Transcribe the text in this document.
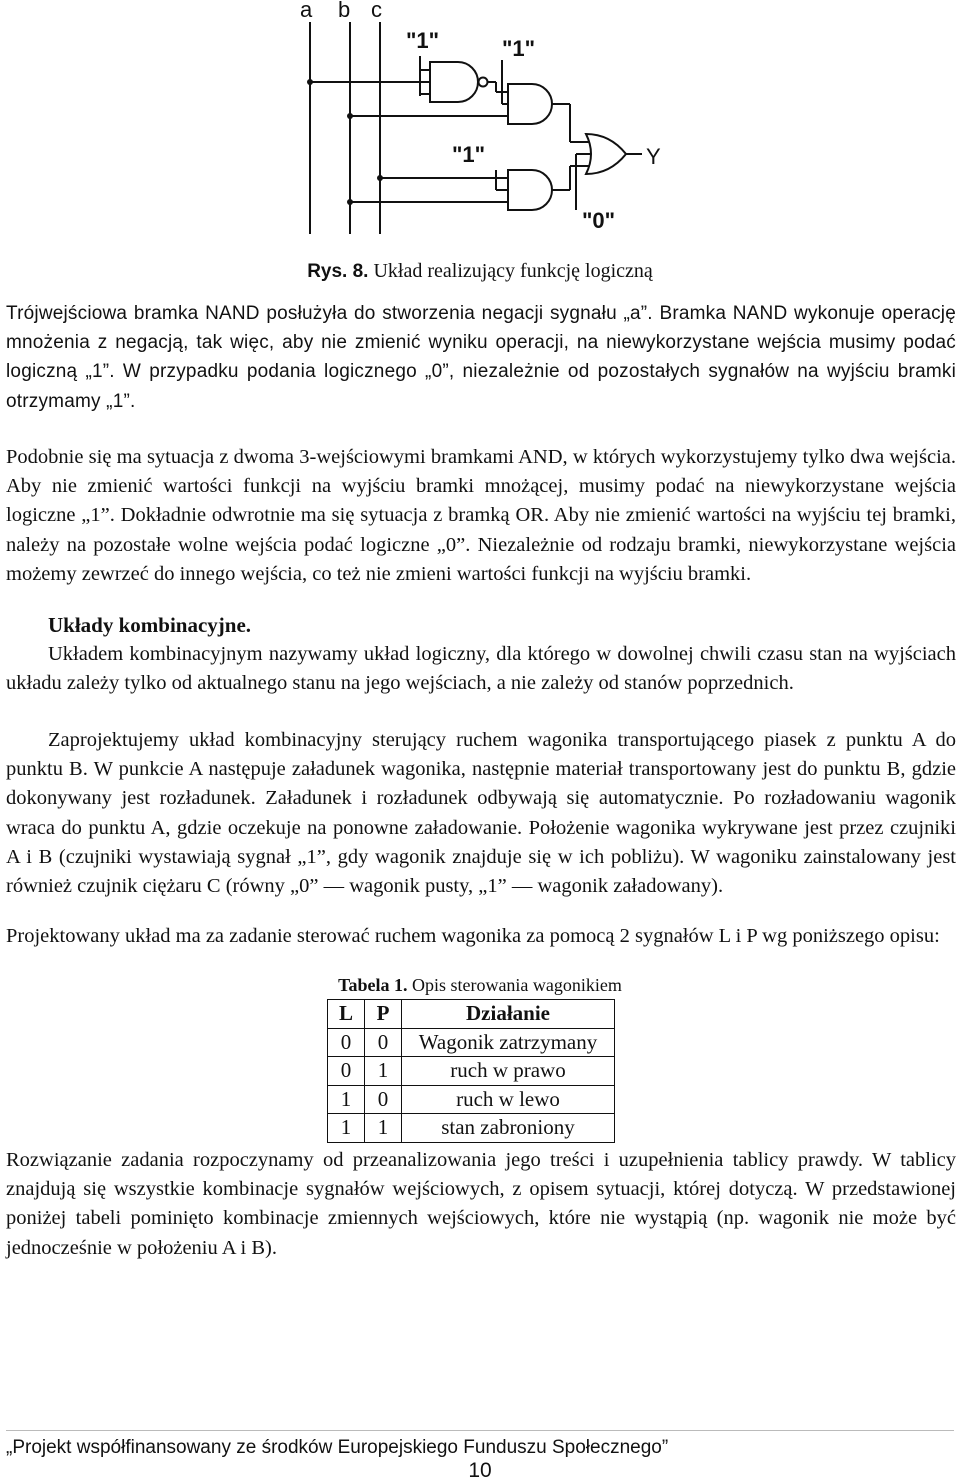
a b c
"1"	"1"
"1"
"0"
Y
Rys. 8. Układ realizujący funkcję logiczną

Trójwejściowa bramka NAND posłużyła do stworzenia negacji sygnału „a”. Bramka NAND wykonuje operację mnożenia z negacją, tak więc, aby nie zmienić wyniku operacji, na niewykorzystane wejścia musimy podać logiczną „1”. W przypadku podania logicznego „0”, niezależnie od pozostałych sygnałów na wyjściu bramki otrzymamy „1”.

Podobnie się ma sytuacja z dwoma 3-wejściowymi bramkami AND, w których wykorzystujemy tylko dwa wejścia. Aby nie zmienić wartości funkcji na wyjściu bramki mnożącej, musimy podać na niewykorzystane wejścia logiczne „1”. Dokładnie odwrotnie ma się sytuacja z bramką OR. Aby nie zmienić wartości na wyjściu tej bramki, należy na pozostałe wolne wejścia podać logiczne „0”. Niezależnie od rodzaju bramki, niewykorzystane wejścia możemy zewrzeć do innego wejścia, co też nie zmieni wartości funkcji na wyjściu bramki.

Układy kombinacyjne.

Układem kombinacyjnym nazywamy układ logiczny, dla którego w dowolnej chwili czasu stan na wyjściach układu zależy tylko od aktualnego stanu na jego wejściach, a nie zależy od stanów poprzednich.

Zaprojektujemy układ kombinacyjny sterujący ruchem wagonika transportującego piasek z punktu A do punktu B. W punkcie A następuje załadunek wagonika, następnie materiał transportowany jest do punktu B, gdzie dokonywany jest rozładunek. Załadunek i rozładunek odbywają się automatycznie. Po rozładowaniu wagonik wraca do punktu A, gdzie oczekuje na ponowne załadowanie. Położenie wagonika wykrywane jest przez czujniki A i B (czujniki wystawiają sygnał „1”, gdy wagonik znajduje się w ich pobliżu). W wagoniku zainstalowany jest również czujnik ciężaru C (równy „0” — wagonik pusty, „1” — wagonik załadowany).

Projektowany układ ma za zadanie sterować ruchem wagonika za pomocą 2 sygnałów L i P wg poniższego opisu:

Tabela 1. Opis sterowania wagonikiem
L	P	Działanie
0	0	Wagonik zatrzymany
0	1	ruch w prawo
1	0	ruch w lewo
1	1	stan zabroniony

Rozwiązanie zadania rozpoczynamy od przeanalizowania jego treści i uzupełnienia tablicy prawdy. W tablicy znajdują się wszystkie kombinacje sygnałów wejściowych, z opisem sytuacji, której dotyczą. W przedstawionej poniżej tabeli pominięto kombinacje zmiennych wejściowych, które nie wystąpią (np. wagonik nie może być jednocześnie w położeniu A i B).

„Projekt współfinansowany ze środków Europejskiego Funduszu Społecznego”
10
